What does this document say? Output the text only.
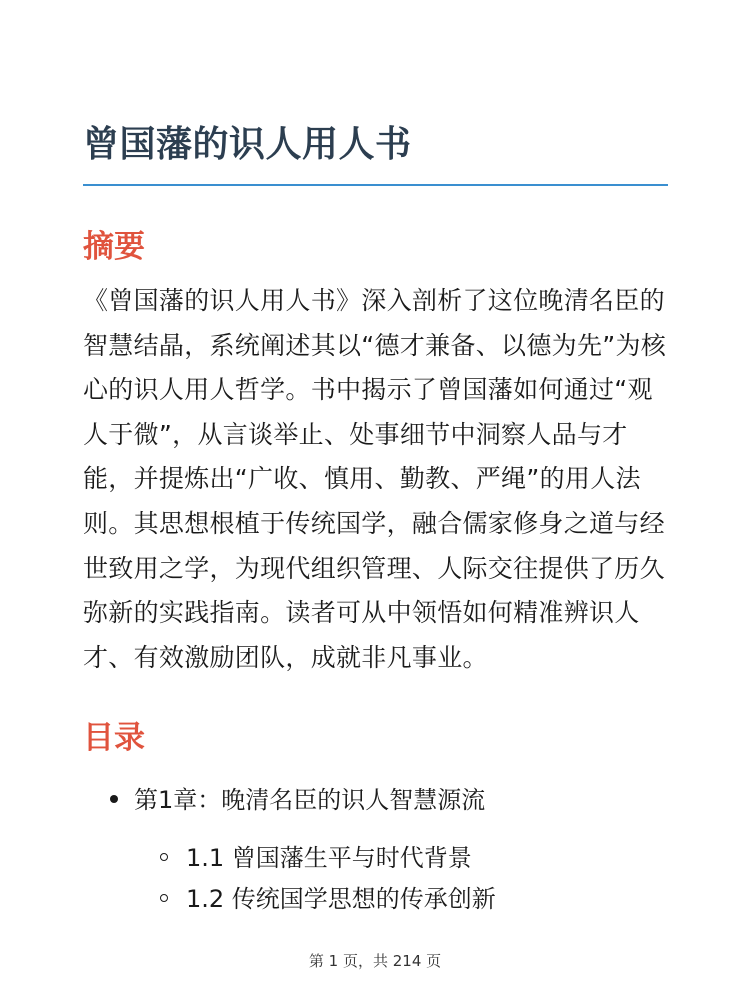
曾国藩的识人用人书
摘要

《曾国藩的识人用人书》深入剖析了这位晚清名臣的智慧结晶，系统阐述其以“德才兼备、以德为先”为核心的识人用人哲学。书中揭示了曾国藩如何通过“观人于微”，从言谈举止、处事细节中洞察人品与才能，并提炼出“广收、慎用、勤教、严绳”的用人法则。其思想根植于传统国学，融合儒家修身之道与经世致用之学，为现代组织管理、人际交往提供了历久弥新的实践指南。读者可从中领悟如何精准辨识人才、有效激励团队，成就非凡事业。

目录
第1章：晚清名臣的识人智慧源流
1.1 曾国藩生平与时代背景
1.2 传统国学思想的传承创新
第 1 页，共 214 页
